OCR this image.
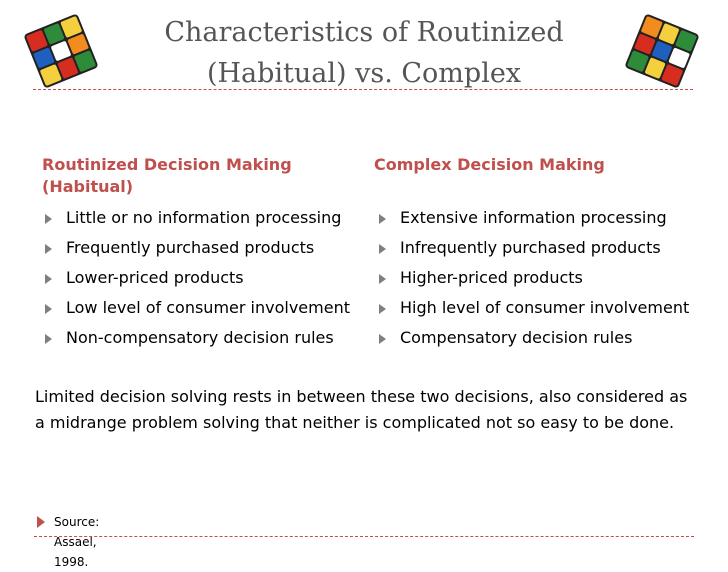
Characteristics of Routinized
(Habitual) vs. Complex
Routinized Decision Making (Habitual)
Complex Decision Making
Little or no information processing
Frequently purchased products
Lower-priced products
Low level of consumer involvement
Non-compensatory decision rules
Extensive information processing
Infrequently purchased products
Higher-priced products
High level of consumer involvement
Compensatory decision rules
Limited decision solving rests in between these two decisions, also considered as a midrange problem solving that neither is complicated not so easy to be done.
Source: Assael, 1998.
